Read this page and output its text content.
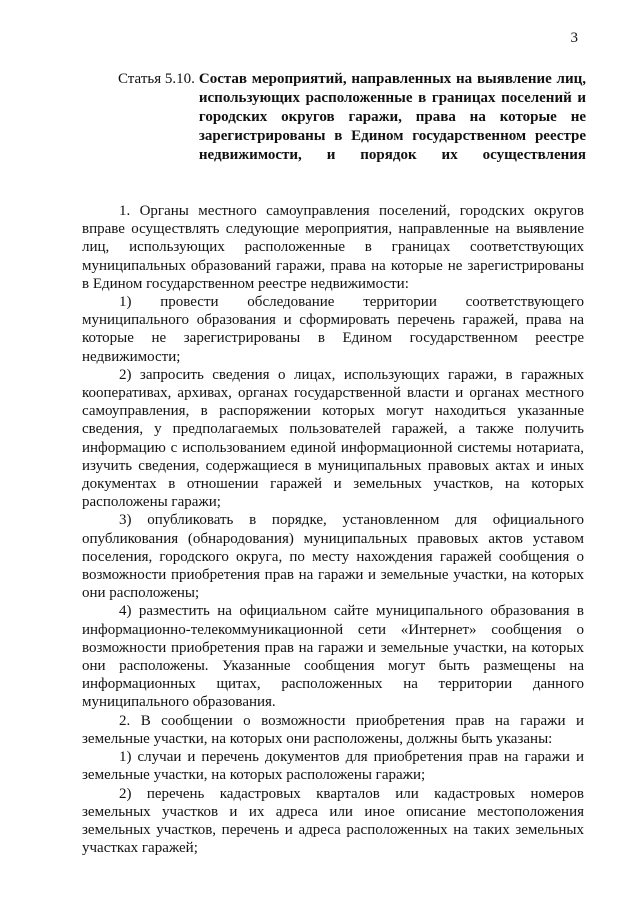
3
Статья 5.10. Состав мероприятий, направленных на выявление лиц, использующих расположенные в границах поселений и городских округов гаражи, права на которые не зарегистрированы в Едином государственном реестре недвижимости, и порядок их осуществления

1. Органы местного самоуправления поселений, городских округов вправе осуществлять следующие мероприятия, направленные на выявление лиц, использующих расположенные в границах соответствующих муниципальных образований гаражи, права на которые не зарегистрированы в Едином государственном реестре недвижимости:

1) провести обследование территории соответствующего муниципального образования и сформировать перечень гаражей, права на которые не зарегистрированы в Едином государственном реестре недвижимости;

2) запросить сведения о лицах, использующих гаражи, в гаражных кооперативах, архивах, органах государственной власти и органах местного самоуправления, в распоряжении которых могут находиться указанные сведения, у предполагаемых пользователей гаражей, а также получить информацию с использованием единой информационной системы нотариата, изучить сведения, содержащиеся в муниципальных правовых актах и иных документах в отношении гаражей и земельных участков, на которых расположены гаражи;

3) опубликовать в порядке, установленном для официального опубликования (обнародования) муниципальных правовых актов уставом поселения, городского округа, по месту нахождения гаражей сообщения о возможности приобретения прав на гаражи и земельные участки, на которых они расположены;

4) разместить на официальном сайте муниципального образования в информационно-телекоммуникационной сети «Интернет» сообщения о возможности приобретения прав на гаражи и земельные участки, на которых они расположены. Указанные сообщения могут быть размещены на информационных щитах, расположенных на территории данного муниципального образования.

2. В сообщении о возможности приобретения прав на гаражи и земельные участки, на которых они расположены, должны быть указаны:

1) случаи и перечень документов для приобретения прав на гаражи и земельные участки, на которых расположены гаражи;

2) перечень кадастровых кварталов или кадастровых номеров земельных участков и их адреса или иное описание местоположения земельных участков, перечень и адреса расположенных на таких земельных участках гаражей;
